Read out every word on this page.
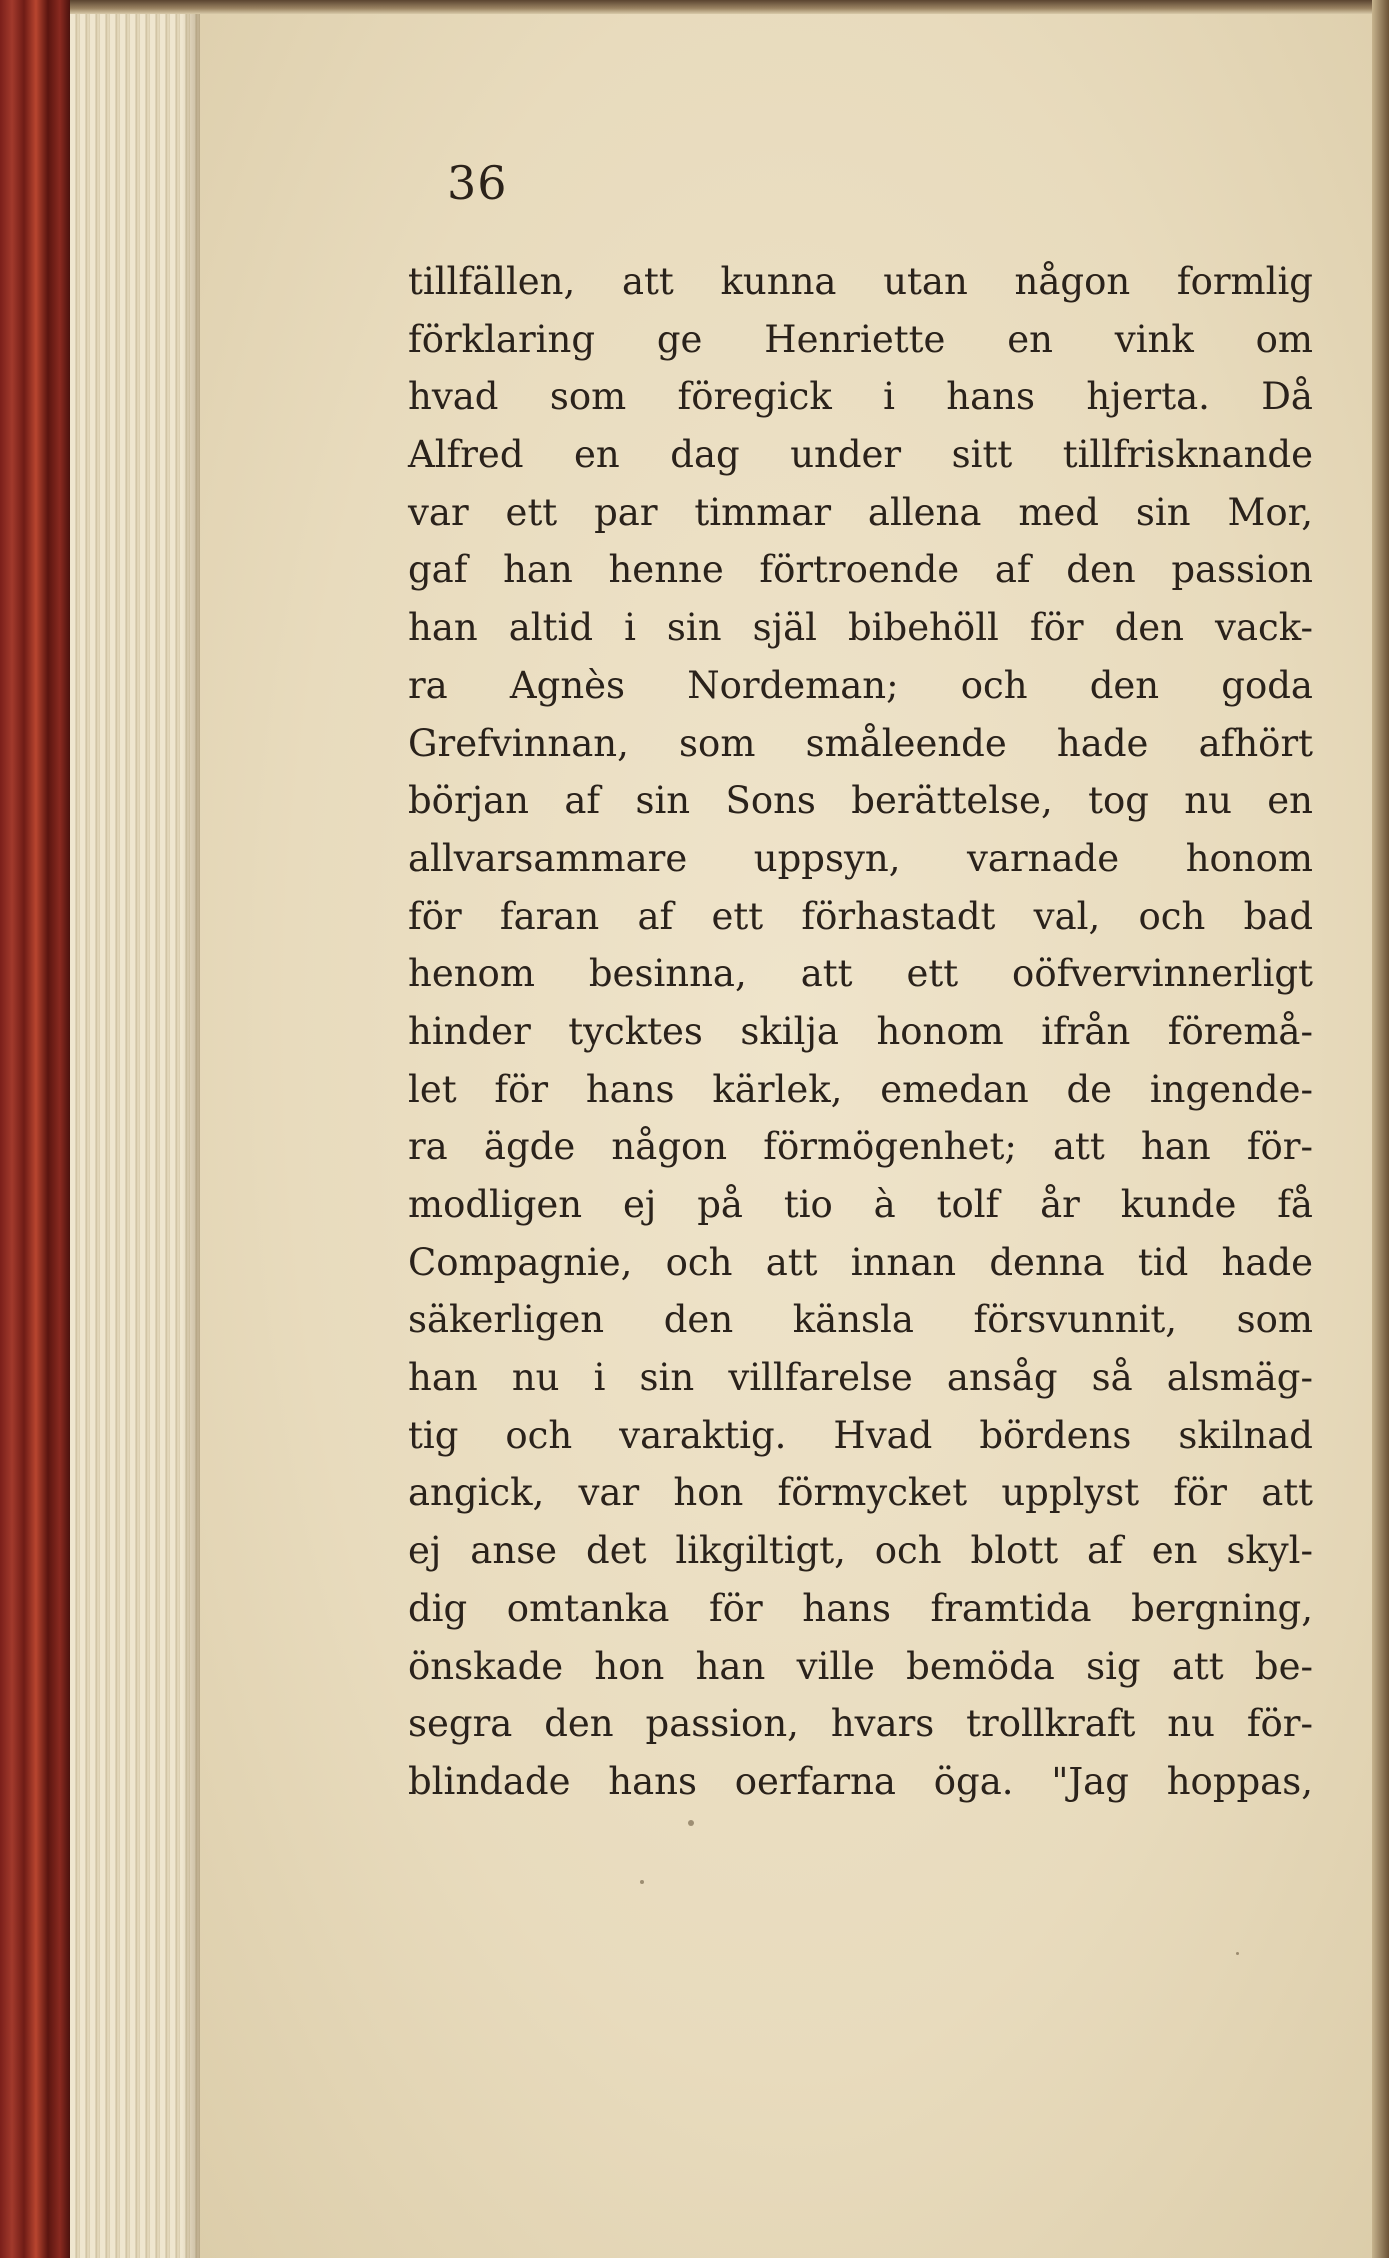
36
tillfällen, att kunna utan någon formlig
förklaring ge Henriette en vink om
hvad som föregick i hans hjerta. Då
Alfred en dag under sitt tillfrisknande
var ett par timmar allena med sin Mor,
gaf han henne förtroende af den passion
han altid i sin själ bibehöll för den vack-
ra Agnès Nordeman; och den goda
Grefvinnan, som småleende hade afhört
början af sin Sons berättelse, tog nu en
allvarsammare uppsyn, varnade honom
för faran af ett förhastadt val, och bad
henom besinna, att ett oöfvervinnerligt
hinder tycktes skilja honom ifrån föremå-
let för hans kärlek, emedan de ingende-
ra ägde någon förmögenhet; att han för-
modligen ej på tio à tolf år kunde få
Compagnie, och att innan denna tid hade
säkerligen den känsla försvunnit, som
han nu i sin villfarelse ansåg så alsmäg-
tig och varaktig. Hvad bördens skilnad
angick, var hon förmycket upplyst för att
ej anse det likgiltigt, och blott af en skyl-
dig omtanka för hans framtida bergning,
önskade hon han ville bemöda sig att be-
segra den passion, hvars trollkraft nu för-
blindade hans oerfarna öga. "Jag hoppas,
